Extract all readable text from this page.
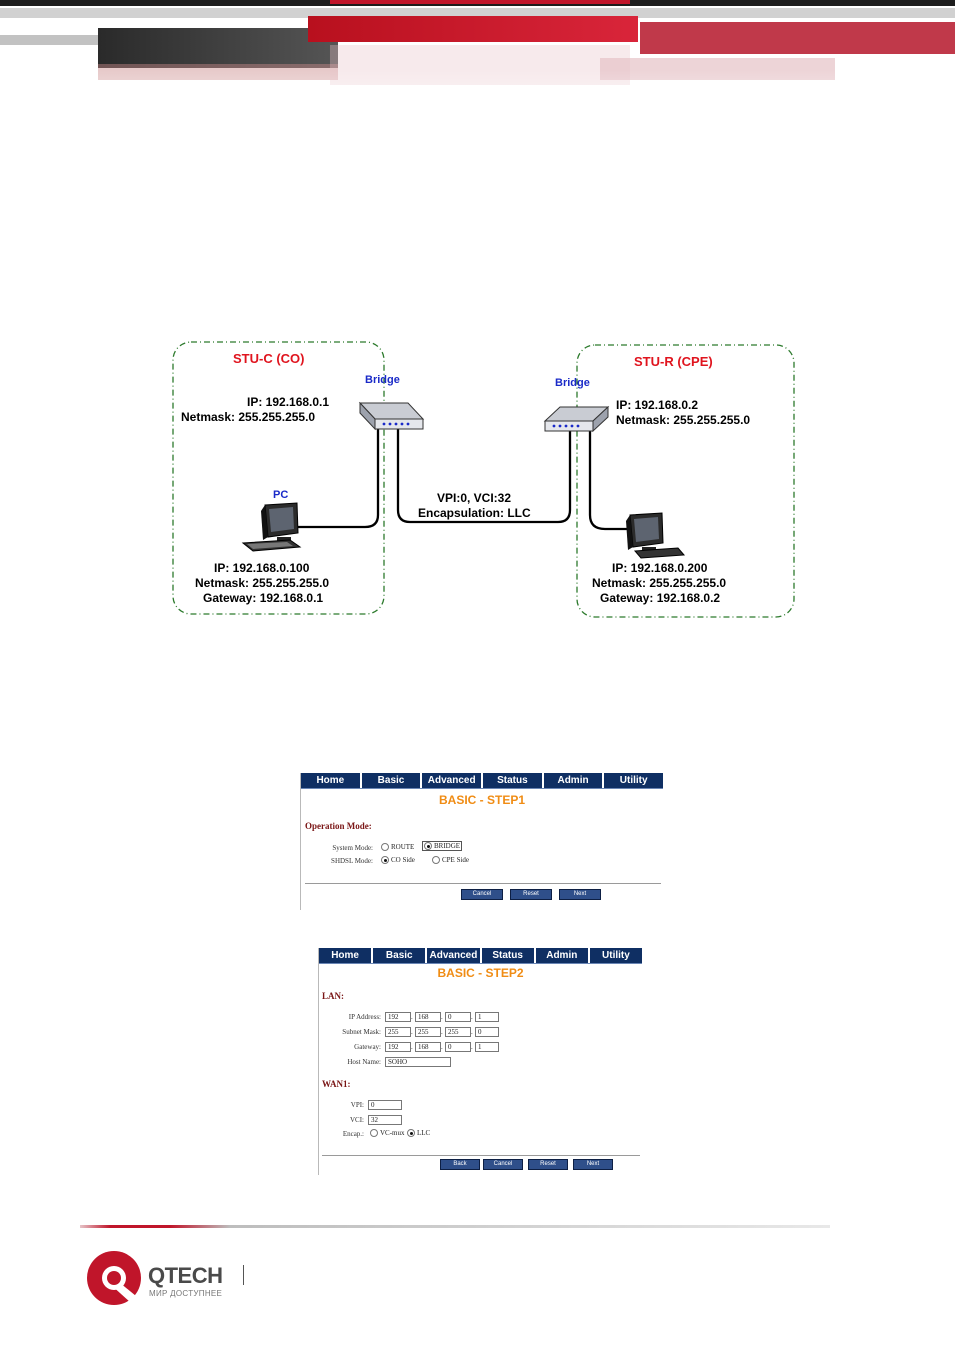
STU-C (CO)
Bridge
IP: 192.168.0.1
Netmask: 255.255.255.0
PC
IP: 192.168.0.100
Netmask: 255.255.255.0
Gateway: 192.168.0.1
VPI:0, VCI:32
Encapsulation: LLC
STU-R (CPE)
Bridge
IP: 192.168.0.2
Netmask: 255.255.255.0
IP: 192.168.0.200
Netmask: 255.255.255.0
Gateway: 192.168.0.2
Home	Basic	Advanced	Status	Admin	Utility
BASIC - STEP1
Operation Mode:
System Mode:	ROUTE	BRIDGE
SHDSL Mode:	CO Side	CPE Side
Cancel	Reset	Next
Home	Basic	Advanced	Status	Admin	Utility
BASIC - STEP2
LAN:
IP Address:	192	. 168	. 0	. 1
Subnet Mask:	255	. 255	. 255	. 0
Gateway:	192	. 168	. 0	. 1
Host Name:	SOHO
WAN1:
VPI:	0
VCI:	32
Encap.: VC-mux LLC
Back	Cancel	Reset	Next
QTECH
МИР ДОСТУПНЕЕ
